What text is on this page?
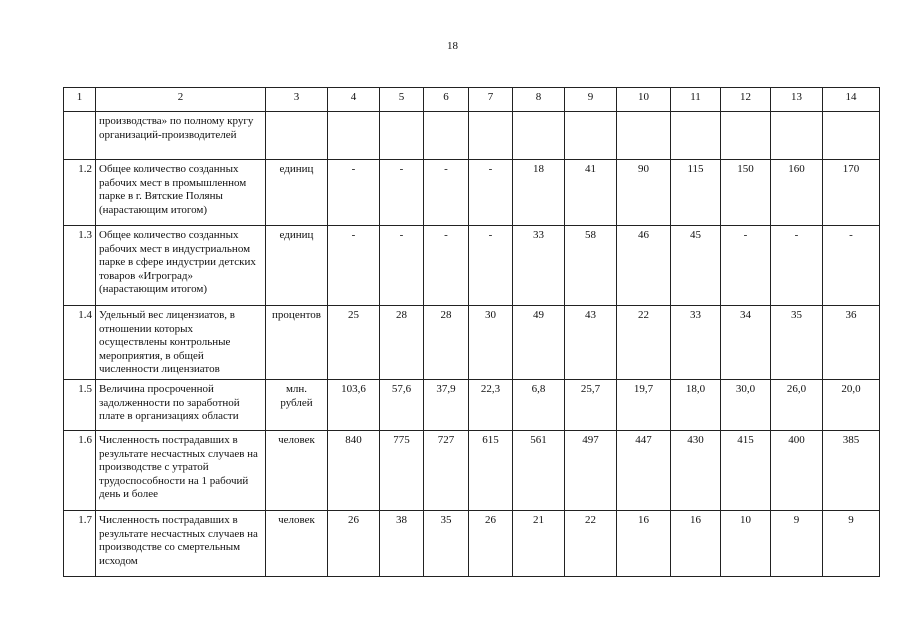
18
1	2	3	4	5	6	7	8	9	10	11	12	13	14
	производства» по полному кругу организаций-производителей												
1.2	Общее количество созданных рабочих мест в промышленном парке в г. Вятские Поляны (нарастающим итогом)	единиц	-	-	-	-	18	41	90	115	150	160	170
1.3	Общее количество созданных рабочих мест в индустриальном парке в сфере индустрии детских товаров «Игроград» (нарастающим итогом)	единиц	-	-	-	-	33	58	46	45	-	-	-
1.4	Удельный вес лицензиатов, в отношении которых осуществлены контрольные мероприятия, в общей численности лицензиатов	процентов	25	28	28	30	49	43	22	33	34	35	36
1.5	Величина просроченной задолженности по заработной плате в организациях области	млн. рублей	103,6	57,6	37,9	22,3	6,8	25,7	19,7	18,0	30,0	26,0	20,0
1.6	Численность пострадавших в результате несчастных случаев на производстве с утратой трудоспособности на 1 рабочий день и более	человек	840	775	727	615	561	497	447	430	415	400	385
1.7	Численность пострадавших в результате несчастных случаев на производстве со смертельным исходом	человек	26	38	35	26	21	22	16	16	10	9	9
